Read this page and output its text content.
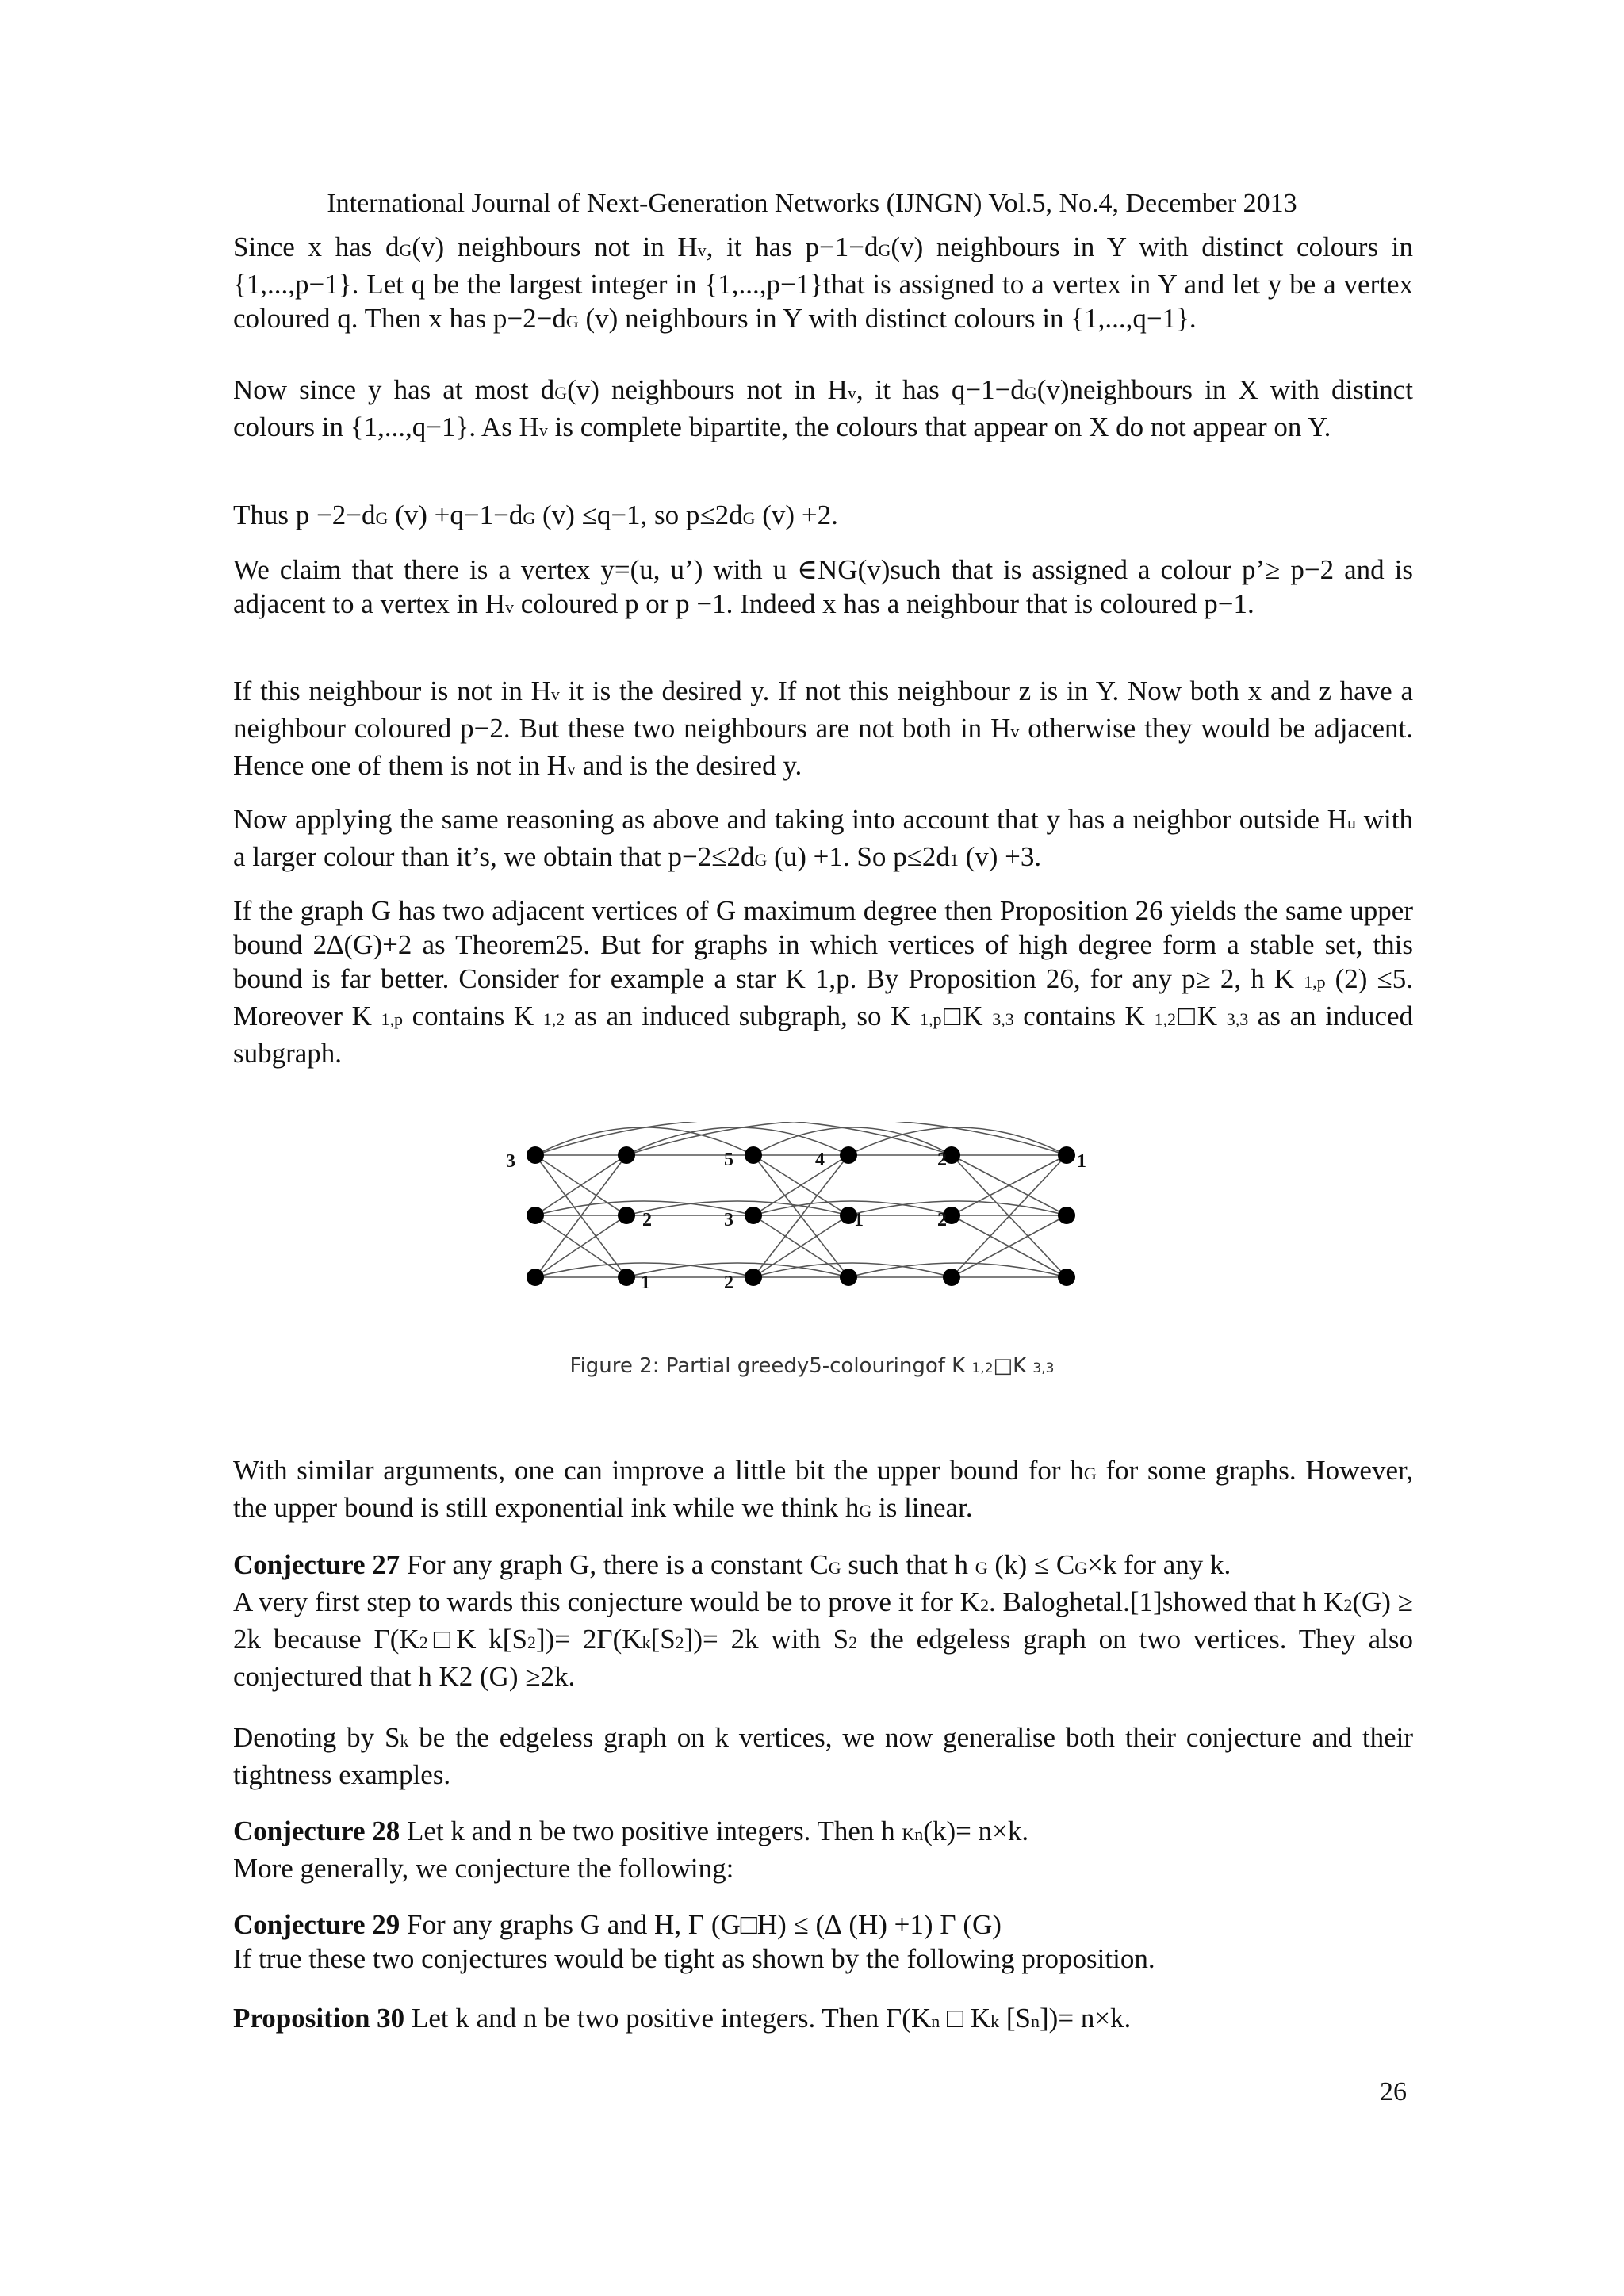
International Journal of Next-Generation Networks (IJNGN) Vol.5, No.4, December 2013

Since x has dG(v) neighbours not in Hv, it has p−1−dG(v) neighbours in Y with distinct colours in {1,...,p−1}. Let q be the largest integer in {1,...,p−1}that is assigned to a vertex in Y and let y be a vertex coloured q. Then x has p−2−dG (v) neighbours in Y with distinct colours in {1,...,q−1}.

Now since y has at most dG(v) neighbours not in Hv, it has q−1−dG(v)neighbours in X with distinct colours in {1,...,q−1}. As Hv is complete bipartite, the colours that appear on X do not appear on Y.

Thus p −2−dG (v) +q−1−dG (v) ≤q−1, so p≤2dG (v) +2.

We claim that there is a vertex y=(u, u’) with u ∈NG(v)such that is assigned a colour p’≥ p−2 and is adjacent to a vertex in Hv coloured p or p −1. Indeed x has a neighbour that is coloured p−1.

If this neighbour is not in Hv it is the desired y. If not this neighbour z is in Y. Now both x and z have a neighbour coloured p−2. But these two neighbours are not both in Hv otherwise they would be adjacent. Hence one of them is not in Hv and is the desired y.

Now applying the same reasoning as above and taking into account that y has a neighbor outside Hu with a larger colour than it’s, we obtain that p−2≤2dG (u) +1. So p≤2d1 (v) +3.

If the graph G has two adjacent vertices of G maximum degree then Proposition 26 yields the same upper bound 2∆(G)+2 as Theorem25. But for graphs in which vertices of high degree form a stable set, this bound is far better. Consider for example a star K 1,p. By Proposition 26, for any p≥ 2, h K 1,p (2) ≤5. Moreover K 1,p contains K 1,2 as an induced subgraph, so K 1,p□K 3,3 contains K 1,2□K 3,3 as an induced subgraph.

3	5	4	2	1
2	3	1	2
1	2
Figure 2: Partial greedy5-colouringof K 1,2□K 3,3

With similar arguments, one can improve a little bit the upper bound for hG for some graphs. However, the upper bound is still exponential ink while we think hG is linear.

Conjecture 27 For any graph G, there is a constant CG such that h G (k) ≤ CG×k for any k.

A very first step to wards this conjecture would be to prove it for K2. Baloghetal.[1]showed that h K2(G) ≥ 2k because Γ(K2□K k[S2])= 2Γ(Kk[S2])= 2k with S2 the edgeless graph on two vertices. They also conjectured that h K2 (G) ≥2k.

Denoting by Sk be the edgeless graph on k vertices, we now generalise both their conjecture and their tightness examples.

Conjecture 28 Let k and n be two positive integers. Then h Kn(k)= n×k.

More generally, we conjecture the following:

Conjecture 29 For any graphs G and H, Γ (G□H) ≤ (∆ (H) +1) Γ (G)

If true these two conjectures would be tight as shown by the following proposition.

Proposition 30 Let k and n be two positive integers. Then Γ(Kn □ Kk [Sn])= n×k.

26
